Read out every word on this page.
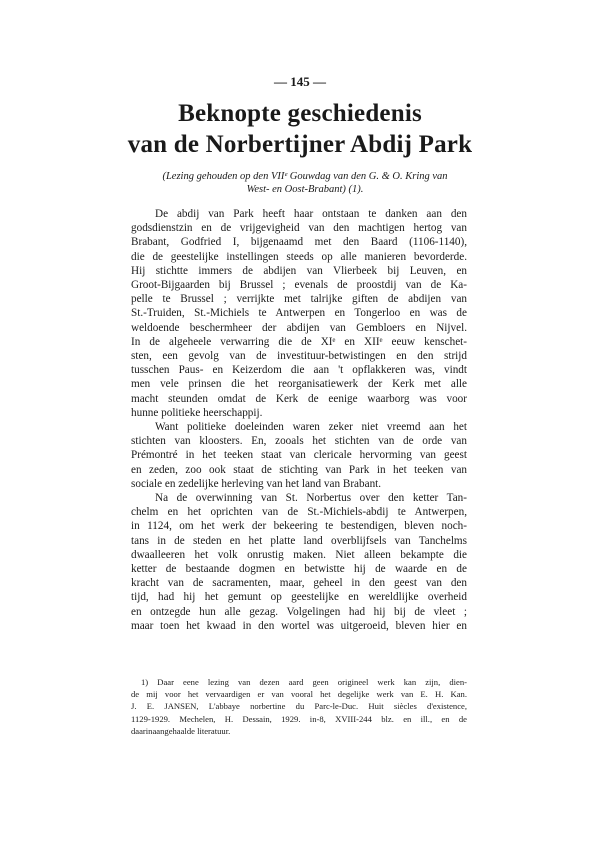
— 145 —
Beknopte geschiedenis
van de Norbertijner Abdij Park
(Lezing gehouden op den VIIᵉ Gouwdag van den G. & O. Kring van
West- en Oost-Brabant) (1).
De abdij van Park heeft haar ontstaan te danken aan den
godsdienstzin en de vrijgevigheid van den machtigen hertog van
Brabant, Godfried I, bijgenaamd met den Baard (1106-1140),
die de geestelijke instellingen steeds op alle manieren bevorderde.
Hij stichtte immers de abdijen van Vlierbeek bij Leuven, en
Groot-Bijgaarden bij Brussel ; evenals de proostdij van de Ka-
pelle te Brussel ; verrijkte met talrijke giften de abdijen van
St.-Truiden, St.-Michiels te Antwerpen en Tongerloo en was de
weldoende beschermheer der abdijen van Gembloers en Nijvel.
In de algeheele verwarring die de XIᵉ en XIIᵉ eeuw kenschet-
sten, een gevolg van de investituur-betwistingen en den strijd
tusschen Paus- en Keizerdom die aan 't opflakkeren was, vindt
men vele prinsen die het reorganisatiewerk der Kerk met alle
macht steunden omdat de Kerk de eenige waarborg was voor
hunne politieke heerschappij.
Want politieke doeleinden waren zeker niet vreemd aan het
stichten van kloosters. En, zooals het stichten van de orde van
Prémontré in het teeken staat van clericale hervorming van geest
en zeden, zoo ook staat de stichting van Park in het teeken van
sociale en zedelijke herleving van het land van Brabant.
Na de overwinning van St. Norbertus over den ketter Tan-
chelm en het oprichten van de St.-Michiels-abdij te Antwerpen,
in 1124, om het werk der bekeering te bestendigen, bleven noch-
tans in de steden en het platte land overblijfsels van Tanchelms
dwaalleeren het volk onrustig maken. Niet alleen bekampte die
ketter de bestaande dogmen en betwistte hij de waarde en de
kracht van de sacramenten, maar, geheel in den geest van den
tijd, had hij het gemunt op geestelijke en wereldlijke overheid
en ontzegde hun alle gezag. Volgelingen had hij bij de vleet ;
maar toen het kwaad in den wortel was uitgeroeid, bleven hier en
1) Daar eene lezing van dezen aard geen origineel werk kan zijn, dien-
de mij voor het vervaardigen er van vooral het degelijke werk van E. H. Kan.
J. E. JANSEN, L'abbaye norbertine du Parc-le-Duc. Huit siècles d'existence,
1129-1929. Mechelen, H. Dessain, 1929. in-8, XVIII-244 blz. en ill., en de
daarinaangehaalde literatuur.
